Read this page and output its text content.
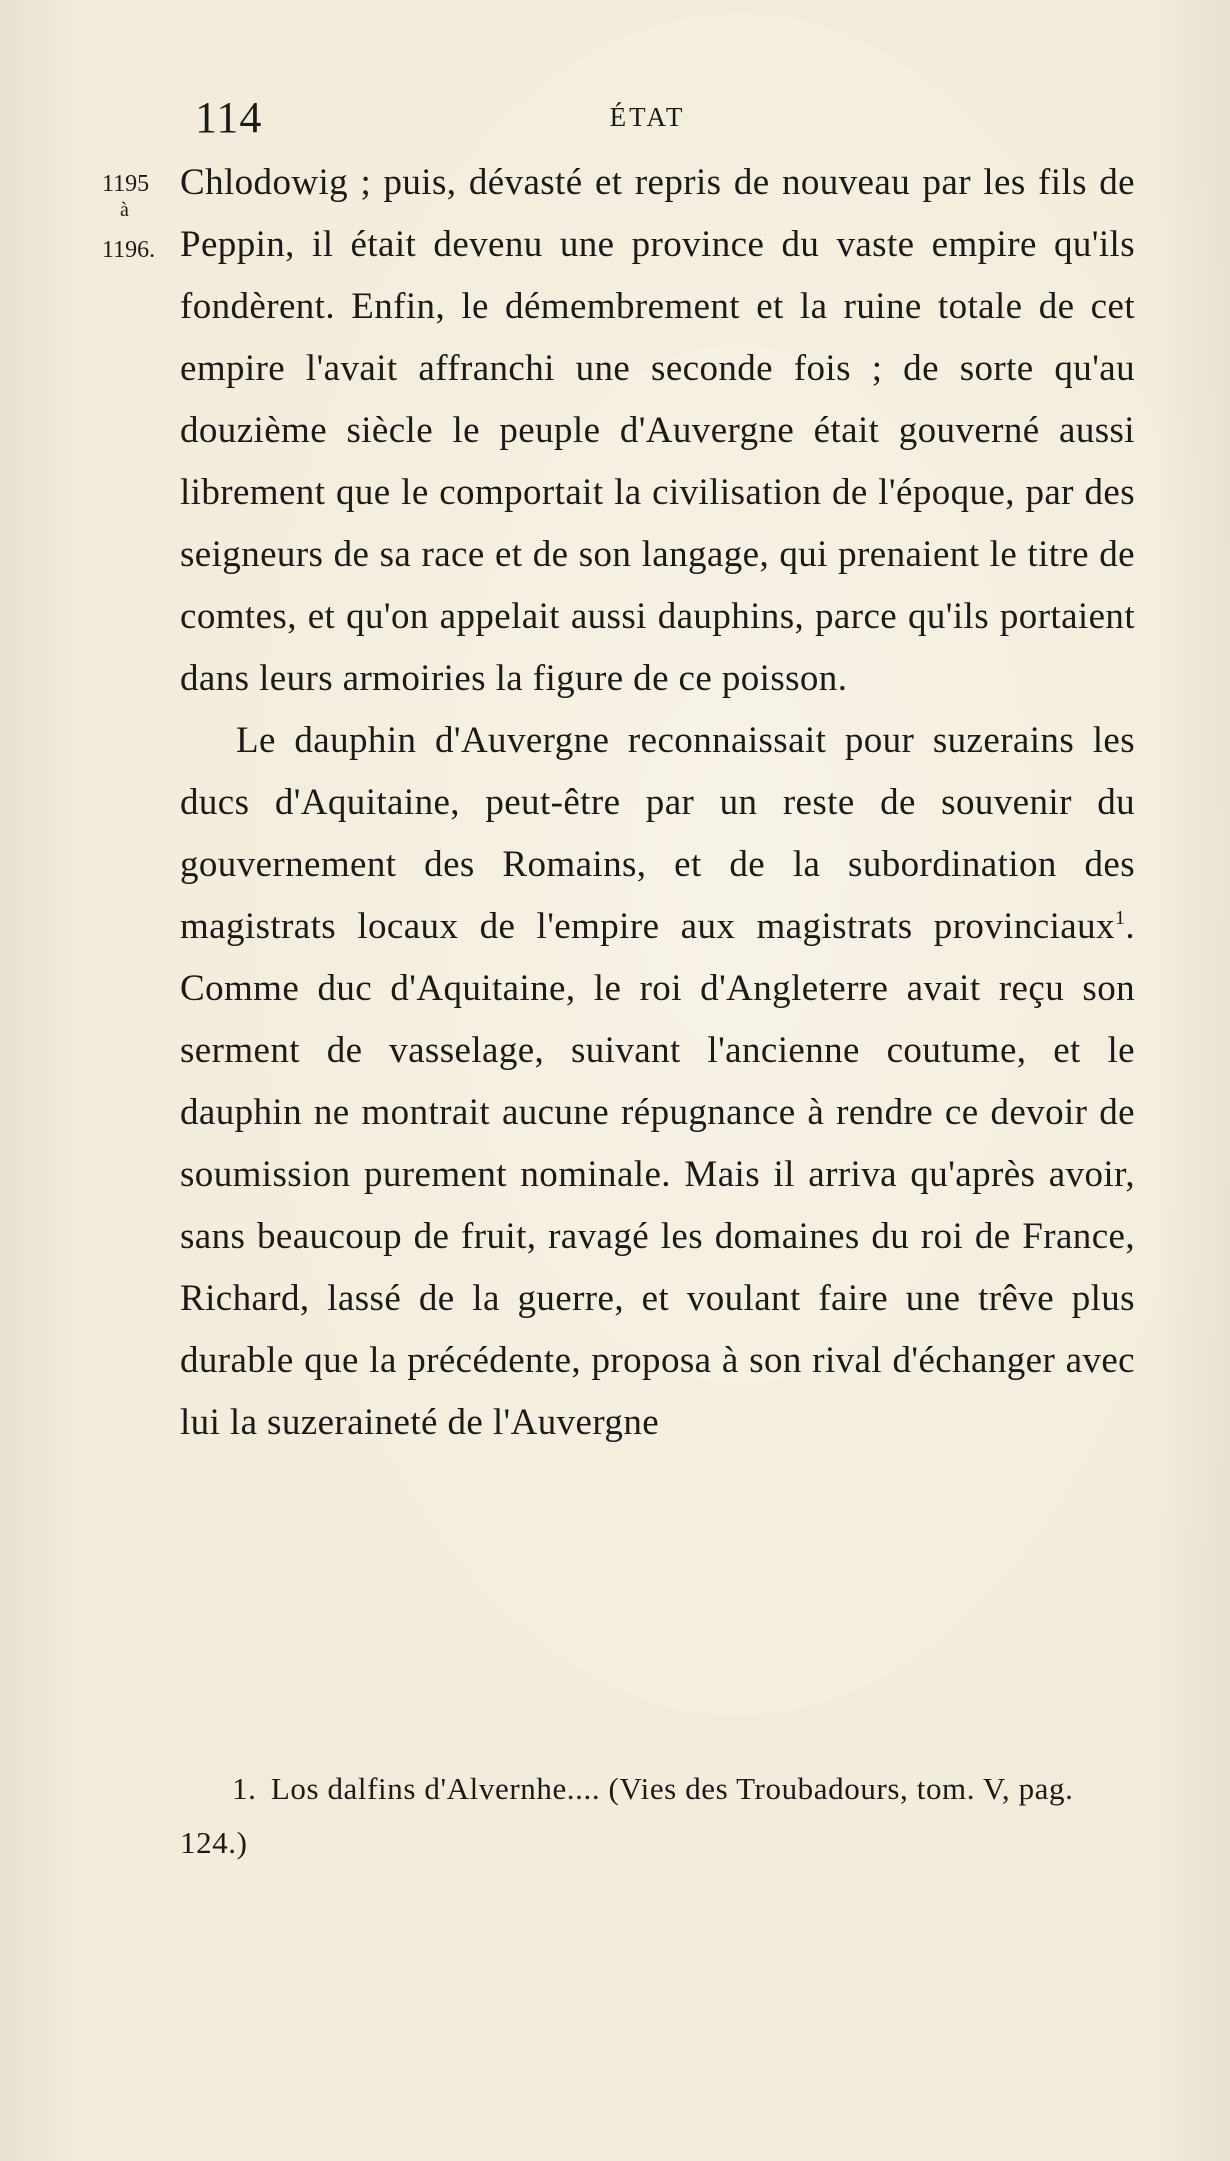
114	ÉTAT
1195
à
1196.

Chlodowig ; puis, dévasté et repris de nouveau par les fils de Peppin, il était devenu une province du vaste empire qu'ils fondèrent. Enfin, le démembrement et la ruine totale de cet empire l'avait affranchi une seconde fois ; de sorte qu'au douzième siècle le peuple d'Auvergne était gouverné aussi librement que le comportait la civilisation de l'époque, par des seigneurs de sa race et de son langage, qui prenaient le titre de comtes, et qu'on appelait aussi dauphins, parce qu'ils portaient dans leurs armoiries la figure de ce poisson.

Le dauphin d'Auvergne reconnaissait pour suzerains les ducs d'Aquitaine, peut-être par un reste de souvenir du gouvernement des Romains, et de la subordination des magistrats locaux de l'empire aux magistrats provinciaux$^1$. Comme duc d'Aquitaine, le roi d'Angleterre avait reçu son serment de vasselage, suivant l'ancienne coutume, et le dauphin ne montrait aucune répugnance à rendre ce devoir de soumission purement nominale. Mais il arriva qu'après avoir, sans beaucoup de fruit, ravagé les domaines du roi de France, Richard, lassé de la guerre, et voulant faire une trêve plus durable que la précédente, proposa à son rival d'échanger avec lui la suzeraineté de l'Auvergne

1. Los dalfins d'Alvernhe.... (Vies des Troubadours, tom. V, pag. 124.)
